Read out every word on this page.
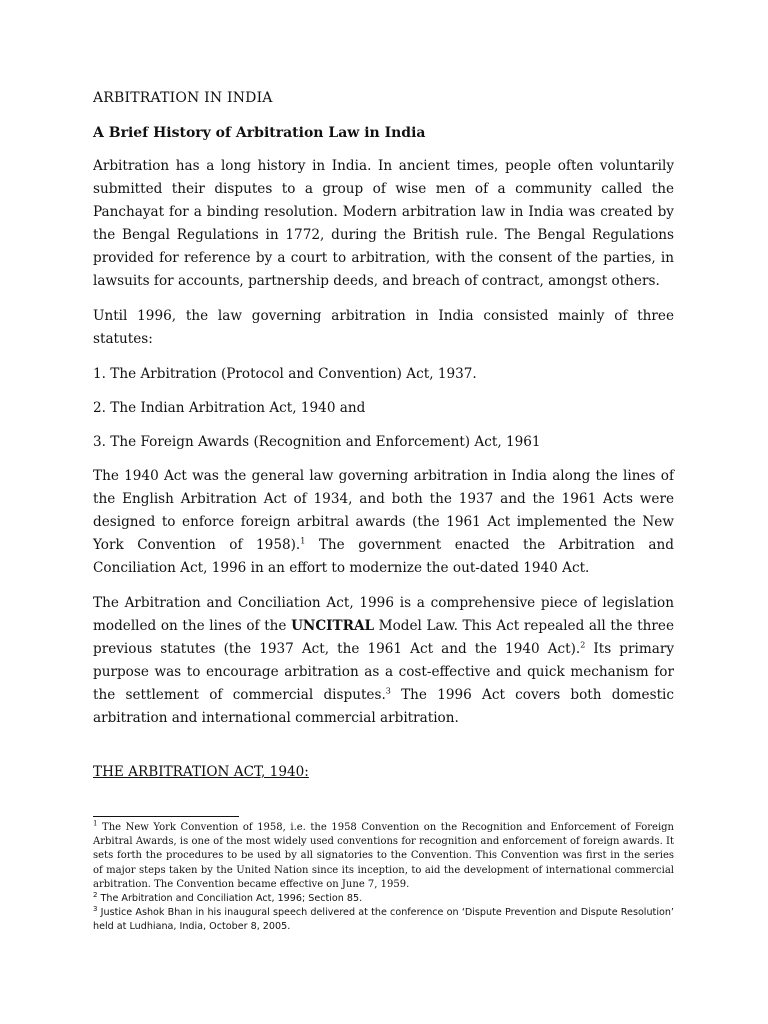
ARBITRATION IN INDIA
A Brief History of Arbitration Law in India

Arbitration has a long history in India. In ancient times, people often voluntarily submitted their disputes to a group of wise men of a community called the Panchayat for a binding resolution. Modern arbitration law in India was created by the Bengal Regulations in 1772, during the British rule. The Bengal Regulations provided for reference by a court to arbitration, with the consent of the parties, in lawsuits for accounts, partnership deeds, and breach of contract, amongst others.

Until 1996, the law governing arbitration in India consisted mainly of three statutes:

1. The Arbitration (Protocol and Convention) Act, 1937.

2. The Indian Arbitration Act, 1940 and

3. The Foreign Awards (Recognition and Enforcement) Act, 1961

The 1940 Act was the general law governing arbitration in India along the lines of the English Arbitration Act of 1934, and both the 1937 and the 1961 Acts were designed to enforce foreign arbitral awards (the 1961 Act implemented the New York Convention of 1958).$^1$ The government enacted the Arbitration and Conciliation Act, 1996 in an effort to modernize the out-dated 1940 Act.

The Arbitration and Conciliation Act, 1996 is a comprehensive piece of legislation modelled on the lines of the UNCITRAL Model Law. This Act repealed all the three previous statutes (the 1937 Act, the 1961 Act and the 1940 Act).$^2$ Its primary purpose was to encourage arbitration as a cost-effective and quick mechanism for the settlement of commercial disputes.$^3$ The 1996 Act covers both domestic arbitration and international commercial arbitration.

THE ARBITRATION ACT, 1940:

$^1$ The New York Convention of 1958, i.e. the 1958 Convention on the Recognition and Enforcement of Foreign Arbitral Awards, is one of the most widely used conventions for recognition and enforcement of foreign awards. It sets forth the procedures to be used by all signatories to the Convention. This Convention was first in the series of major steps taken by the United Nation since its inception, to aid the development of international commercial arbitration. The Convention became effective on June 7, 1959.

$^2$ The Arbitration and Conciliation Act, 1996; Section 85.

$^3$ Justice Ashok Bhan in his inaugural speech delivered at the conference on ‘Dispute Prevention and Dispute Resolution’ held at Ludhiana, India, October 8, 2005.
